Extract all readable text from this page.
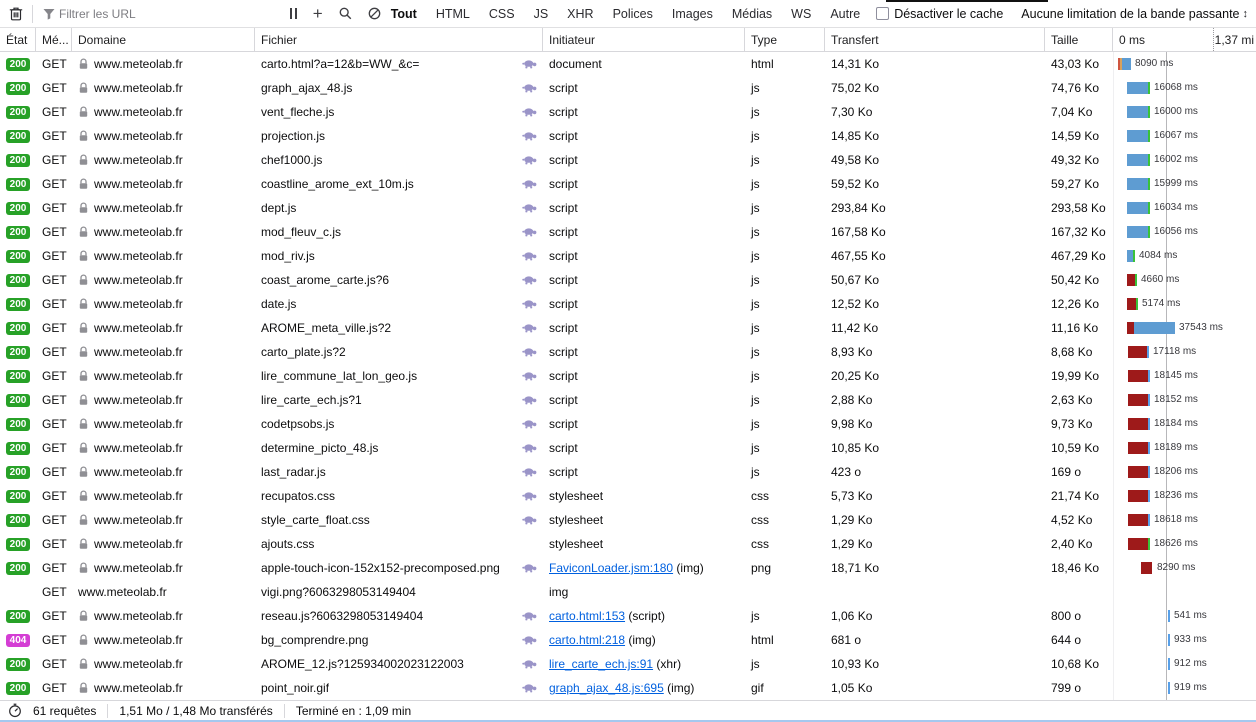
Filtrer les URL
+	Tout HTML CSS JS XHR Polices Images Médias WS Autre	Désactiver le cache Aucune limitation de la bande passante ↕
État	Mé... Domaine	Fichier	Initiateur	Type	Transfert	Taille	0 ms	1,37 mi
200	GET www.meteolab.fr	carto.html?a=12&b=WW_&c=	document	html	14,31 Ko	43,03 Ko	8090 ms
200	GET www.meteolab.fr	graph_ajax_48.js	script	js	75,02 Ko	74,76 Ko	16068 ms
200	GET www.meteolab.fr	vent_fleche.js	script	js	7,30 Ko	7,04 Ko	16000 ms
200	GET www.meteolab.fr	projection.js	script	js	14,85 Ko	14,59 Ko	16067 ms
200	GET www.meteolab.fr	chef1000.js	script	js	49,58 Ko	49,32 Ko	16002 ms
200	GET www.meteolab.fr	coastline_arome_ext_10m.js	script	js	59,52 Ko	59,27 Ko	15999 ms
200	GET www.meteolab.fr	dept.js	script	js	293,84 Ko	293,58 Ko	16034 ms
200	GET www.meteolab.fr	mod_fleuv_c.js	script	js	167,58 Ko	167,32 Ko	16056 ms
200	GET www.meteolab.fr	mod_riv.js	script	js	467,55 Ko	467,29 Ko	4084 ms
200	GET www.meteolab.fr	coast_arome_carte.js?6	script	js	50,67 Ko	50,42 Ko	4660 ms
200	GET www.meteolab.fr	date.js	script	js	12,52 Ko	12,26 Ko	5174 ms
200	GET www.meteolab.fr	AROME_meta_ville.js?2	script	js	11,42 Ko	11,16 Ko	37543 ms
200	GET www.meteolab.fr	carto_plate.js?2	script	js	8,93 Ko	8,68 Ko	17118 ms
200	GET www.meteolab.fr	lire_commune_lat_lon_geo.js	script	js	20,25 Ko	19,99 Ko	18145 ms
200	GET www.meteolab.fr	lire_carte_ech.js?1	script	js	2,88 Ko	2,63 Ko	18152 ms
200	GET www.meteolab.fr	codetpsobs.js	script	js	9,98 Ko	9,73 Ko	18184 ms
200	GET www.meteolab.fr	determine_picto_48.js	script	js	10,85 Ko	10,59 Ko	18189 ms
200	GET www.meteolab.fr	last_radar.js	script	js	423 o	169 o	18206 ms
200	GET www.meteolab.fr	recupatos.css	stylesheet	css	5,73 Ko	21,74 Ko	18236 ms
200	GET www.meteolab.fr	style_carte_float.css	stylesheet	css	1,29 Ko	4,52 Ko	18618 ms
200	GET www.meteolab.fr	ajouts.css	stylesheet	css	1,29 Ko	2,40 Ko	18626 ms
200	GET www.meteolab.fr	apple-touch-icon-152x152-precomposed.png	FaviconLoader.jsm:180 (img)	png	18,71 Ko	18,46 Ko	8290 ms
GET www.meteolab.fr	vigi.png?6063298053149404	img
200	GET www.meteolab.fr	reseau.js?6063298053149404	carto.html:153 (script)	js	1,06 Ko	800 o	541 ms
404	GET www.meteolab.fr	bg_comprendre.png	carto.html:218 (img)	html	681 o	644 o	933 ms
200	GET www.meteolab.fr	AROME_12.js?125934002023122003	lire_carte_ech.js:91 (xhr)	js	10,93 Ko	10,68 Ko	912 ms
200	GET www.meteolab.fr	point_noir.gif	graph_ajax_48.js:695 (img)	gif	1,05 Ko	799 o	919 ms
61 requêtes 1,51 Mo / 1,48 Mo transférés Terminé en : 1,09 min
